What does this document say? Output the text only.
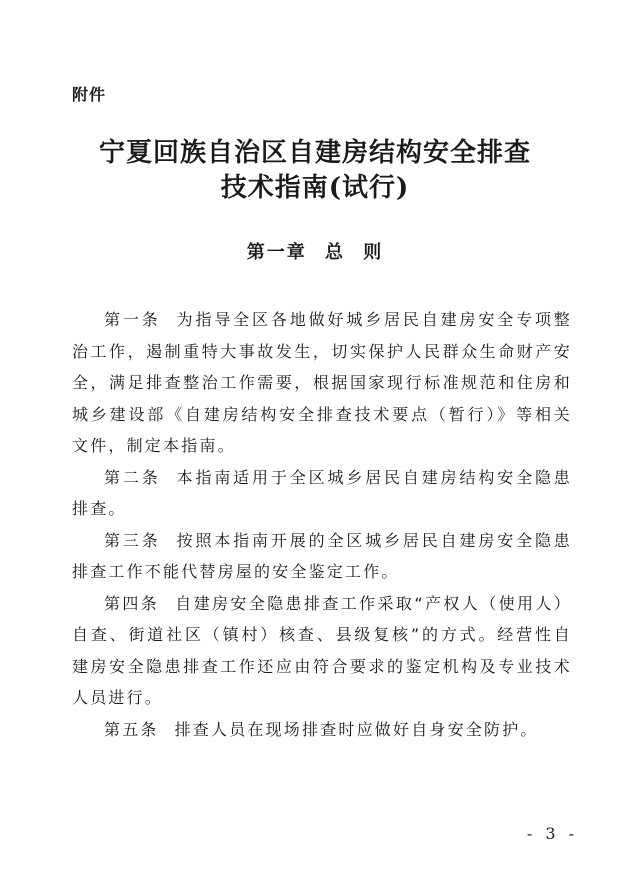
附件
宁夏回族自治区自建房结构安全排查
技术指南(试行)
第一章 总 则

第一条 为指导全区各地做好城乡居民自建房安全专项整治工作，遏制重特大事故发生，切实保护人民群众生命财产安全，满足排查整治工作需要，根据国家现行标准规范和住房和城乡建设部《自建房结构安全排查技术要点（暂行）》等相关文件，制定本指南。

第二条 本指南适用于全区城乡居民自建房结构安全隐患排查。

第三条 按照本指南开展的全区城乡居民自建房安全隐患排查工作不能代替房屋的安全鉴定工作。

第四条 自建房安全隐患排查工作采取“产权人（使用人）自查、街道社区（镇村）核查、县级复核”的方式。经营性自建房安全隐患排查工作还应由符合要求的鉴定机构及专业技术人员进行。

第五条 排查人员在现场排查时应做好自身安全防护。

- 3 -
